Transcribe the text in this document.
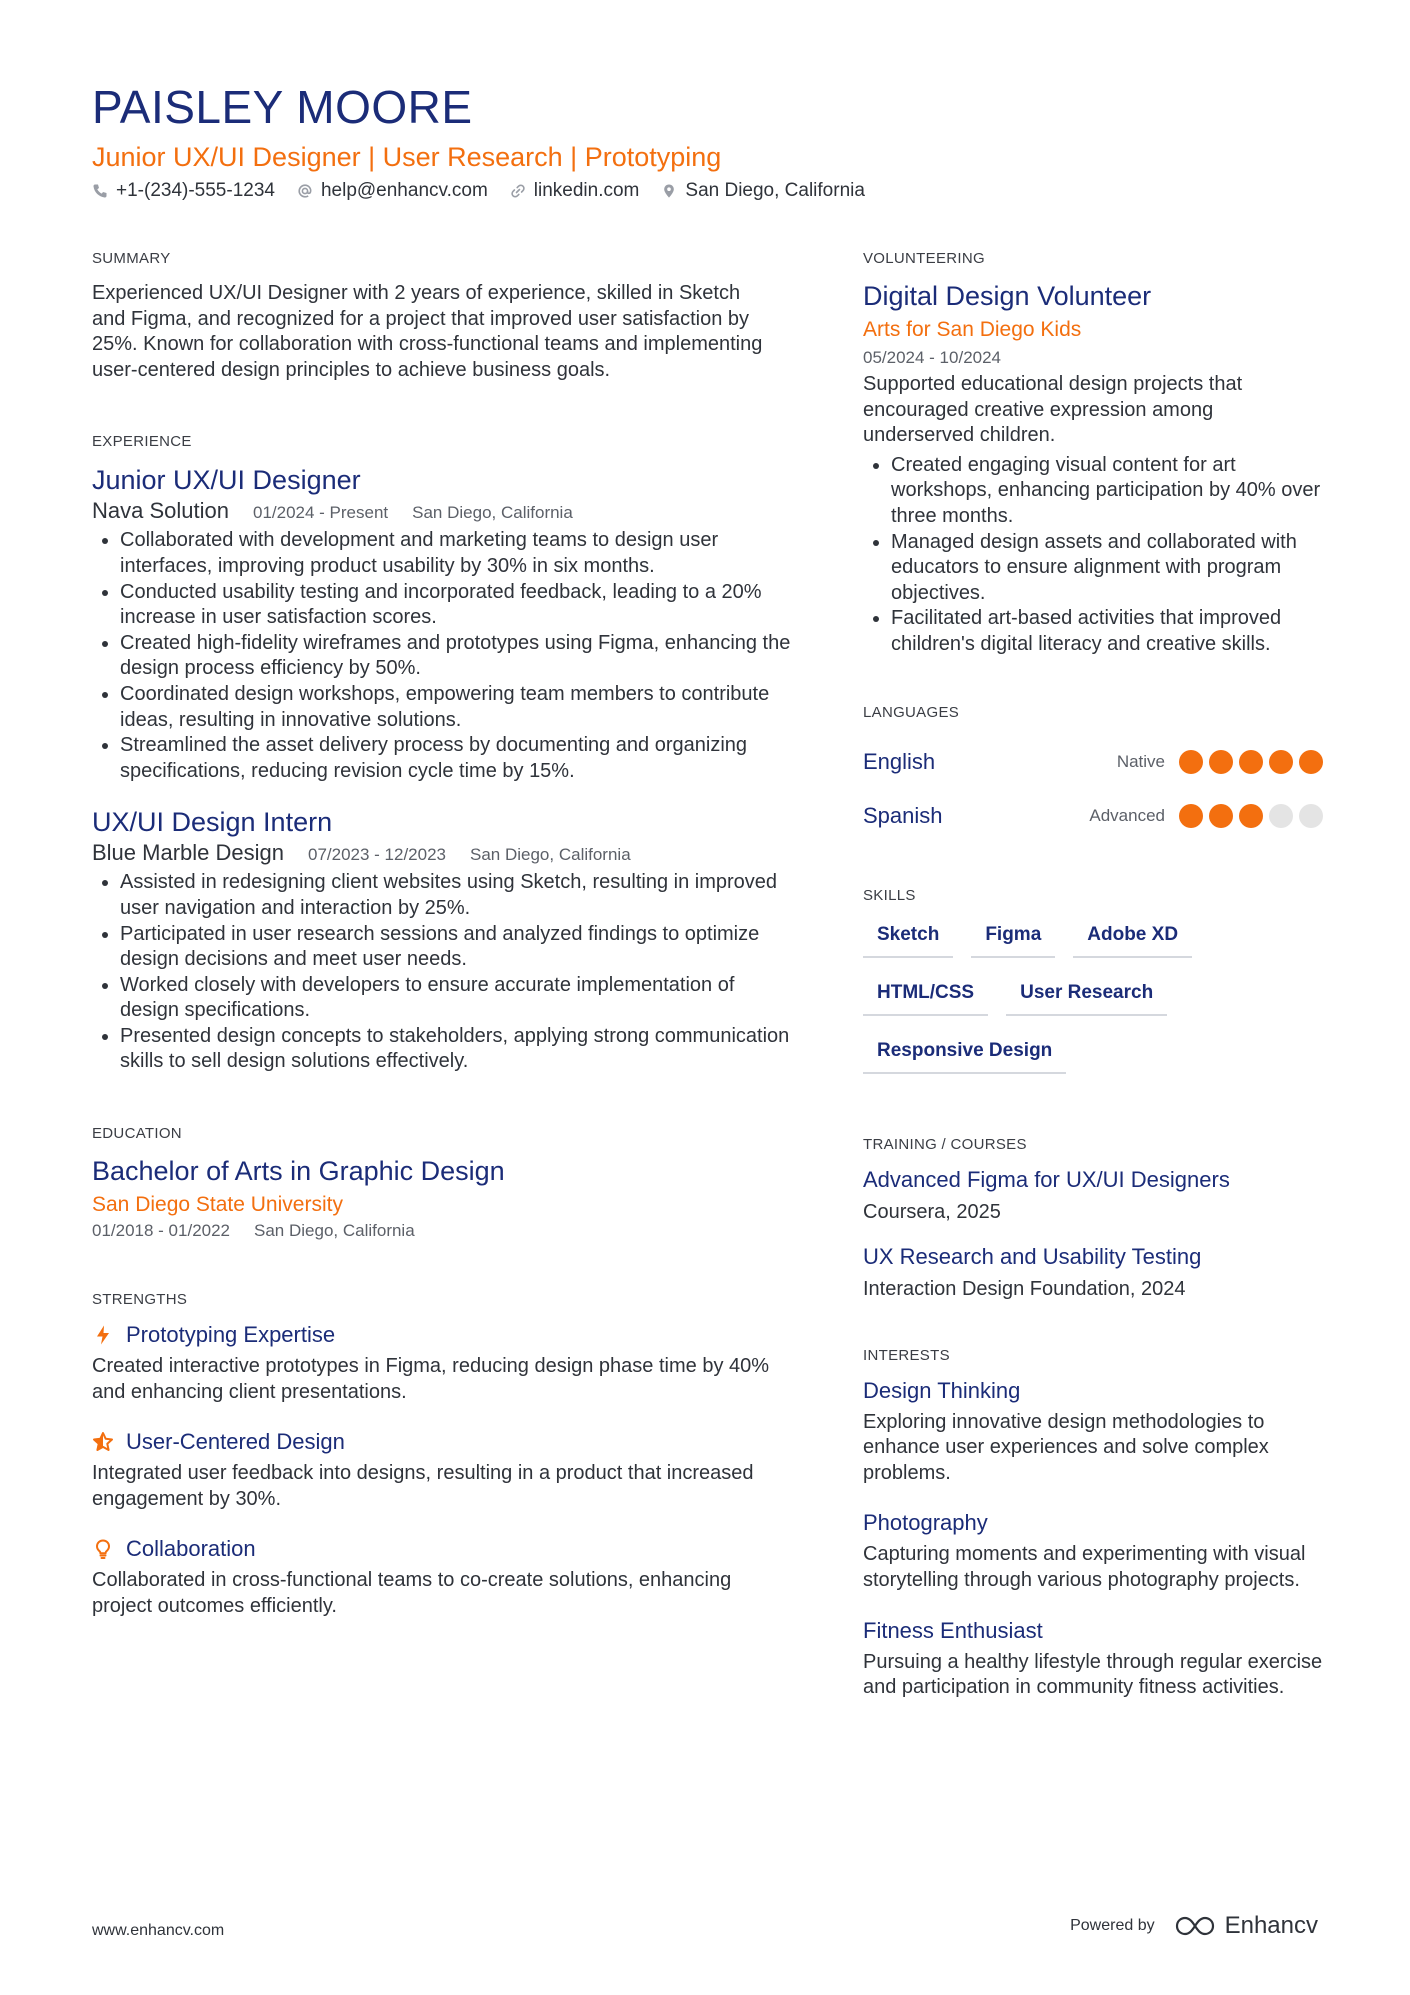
PAISLEY MOORE
Junior UX/UI Designer | User Research | Prototyping
+1-(234)-555-1234 help@enhancv.com linkedin.com San Diego, California
SUMMARY

Experienced UX/UI Designer with 2 years of experience, skilled in Sketch and Figma, and recognized for a project that improved user satisfaction by 25%. Known for collaboration with cross-functional teams and implementing user-centered design principles to achieve business goals.

EXPERIENCE
Junior UX/UI Designer
Nava Solution 01/2024 - Present San Diego, California
• Collaborated with development and marketing teams to design user interfaces, improving product usability by 30% in six months.
• Conducted usability testing and incorporated feedback, leading to a 20% increase in user satisfaction scores.
• Created high-fidelity wireframes and prototypes using Figma, enhancing the design process efficiency by 50%.
• Coordinated design workshops, empowering team members to contribute ideas, resulting in innovative solutions.
• Streamlined the asset delivery process by documenting and organizing specifications, reducing revision cycle time by 15%.
UX/UI Design Intern
Blue Marble Design 07/2023 - 12/2023 San Diego, California
• Assisted in redesigning client websites using Sketch, resulting in improved user navigation and interaction by 25%.
• Participated in user research sessions and analyzed findings to optimize design decisions and meet user needs.
• Worked closely with developers to ensure accurate implementation of design specifications.
• Presented design concepts to stakeholders, applying strong communication skills to sell design solutions effectively.
EDUCATION
Bachelor of Arts in Graphic Design
San Diego State University
01/2018 - 01/2022 San Diego, California
STRENGTHS
Prototyping Expertise

Created interactive prototypes in Figma, reducing design phase time by 40% and enhancing client presentations.

User-Centered Design

Integrated user feedback into designs, resulting in a product that increased engagement by 30%.

Collaboration

Collaborated in cross-functional teams to co-create solutions, enhancing project outcomes efficiently.

VOLUNTEERING
Digital Design Volunteer
Arts for San Diego Kids
05/2024 - 10/2024

Supported educational design projects that encouraged creative expression among underserved children.

• Created engaging visual content for art workshops, enhancing participation by 40% over three months.
• Managed design assets and collaborated with educators to ensure alignment with program objectives.
• Facilitated art-based activities that improved children's digital literacy and creative skills.
LANGUAGES
English	Native
Spanish	Advanced
SKILLS
Sketch	Figma	Adobe XD
HTML/CSS	User Research
Responsive Design
TRAINING / COURSES
Advanced Figma for UX/UI Designers
Coursera, 2025
UX Research and Usability Testing
Interaction Design Foundation, 2024
INTERESTS
Design Thinking

Exploring innovative design methodologies to enhance user experiences and solve complex problems.

Photography

Capturing moments and experimenting with visual storytelling through various photography projects.

Fitness Enthusiast

Pursuing a healthy lifestyle through regular exercise and participation in community fitness activities.

www.enhancv.com	Powered by	Enhancv
